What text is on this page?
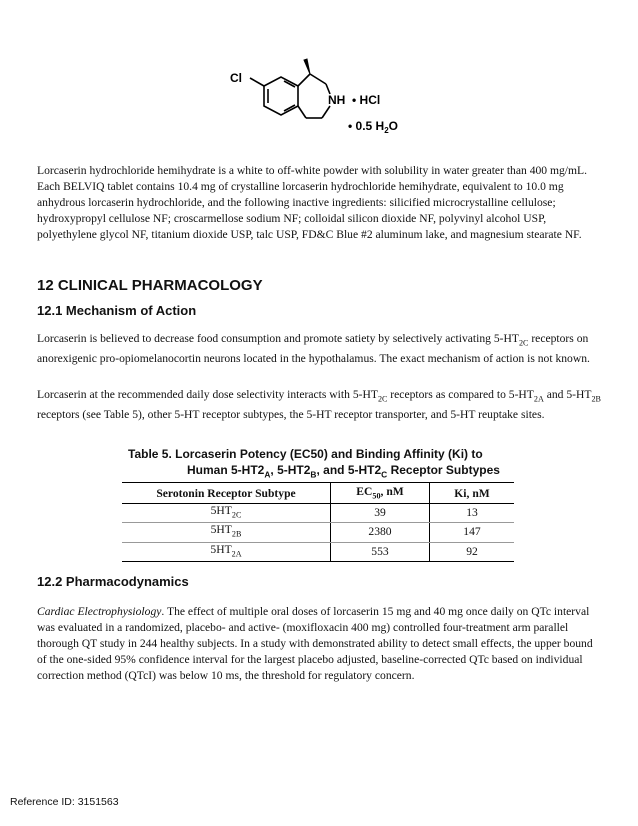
Cl
NH • HCl
• 0.5 $H_2O$

Lorcaserin hydrochloride hemihydrate is a white to off-white powder with solubility in water greater than 400 mg/mL. Each BELVIQ tablet contains 10.4 mg of crystalline lorcaserin hydrochloride hemihydrate, equivalent to 10.0 mg anhydrous lorcaserin hydrochloride, and the following inactive ingredients: silicified microcrystalline cellulose; hydroxypropyl cellulose NF; croscarmellose sodium NF; colloidal silicon dioxide NF, polyvinyl alcohol USP, polyethylene glycol NF, titanium dioxide USP, talc USP, FD&C Blue #2 aluminum lake, and magnesium stearate NF.

12 CLINICAL PHARMACOLOGY
12.1 Mechanism of Action

Lorcaserin is believed to decrease food consumption and promote satiety by selectively activating $5-HT_{2C}$ receptors on anorexigenic pro-opiomelanocortin neurons located in the hypothalamus. The exact mechanism of action is not known.

Lorcaserin at the recommended daily dose selectivity interacts with $5-HT_{2C}$ receptors as compared to $5-HT_{2A}$ and $5-HT_{2B}$ receptors (see Table 5), other 5-HT receptor subtypes, the 5-HT receptor transporter, and 5-HT reuptake sites.

Table 5. Lorcaserin Potency (EC50) and Binding Affinity (Ki) to
Human $5-HT2_A$, $5-HT2_B$, and $5-HT2_C$ Receptor Subtypes
Serotonin Receptor Subtype	$EC_{50}$, nM	Ki, nM
$5HT_{2C}$	39	13
$5HT_{2B}$	2380	147
$5HT_{2A}$	553	92
12.2 Pharmacodynamics

Cardiac Electrophysiology. The effect of multiple oral doses of lorcaserin 15 mg and 40 mg once daily on QTc interval was evaluated in a randomized, placebo- and active- (moxifloxacin 400 mg) controlled four-treatment arm parallel thorough QT study in 244 healthy subjects. In a study with demonstrated ability to detect small effects, the upper bound of the one-sided 95% confidence interval for the largest placebo adjusted, baseline-corrected QTc based on individual correction method (QTcI) was below 10 ms, the threshold for regulatory concern.

Reference ID: 3151563
